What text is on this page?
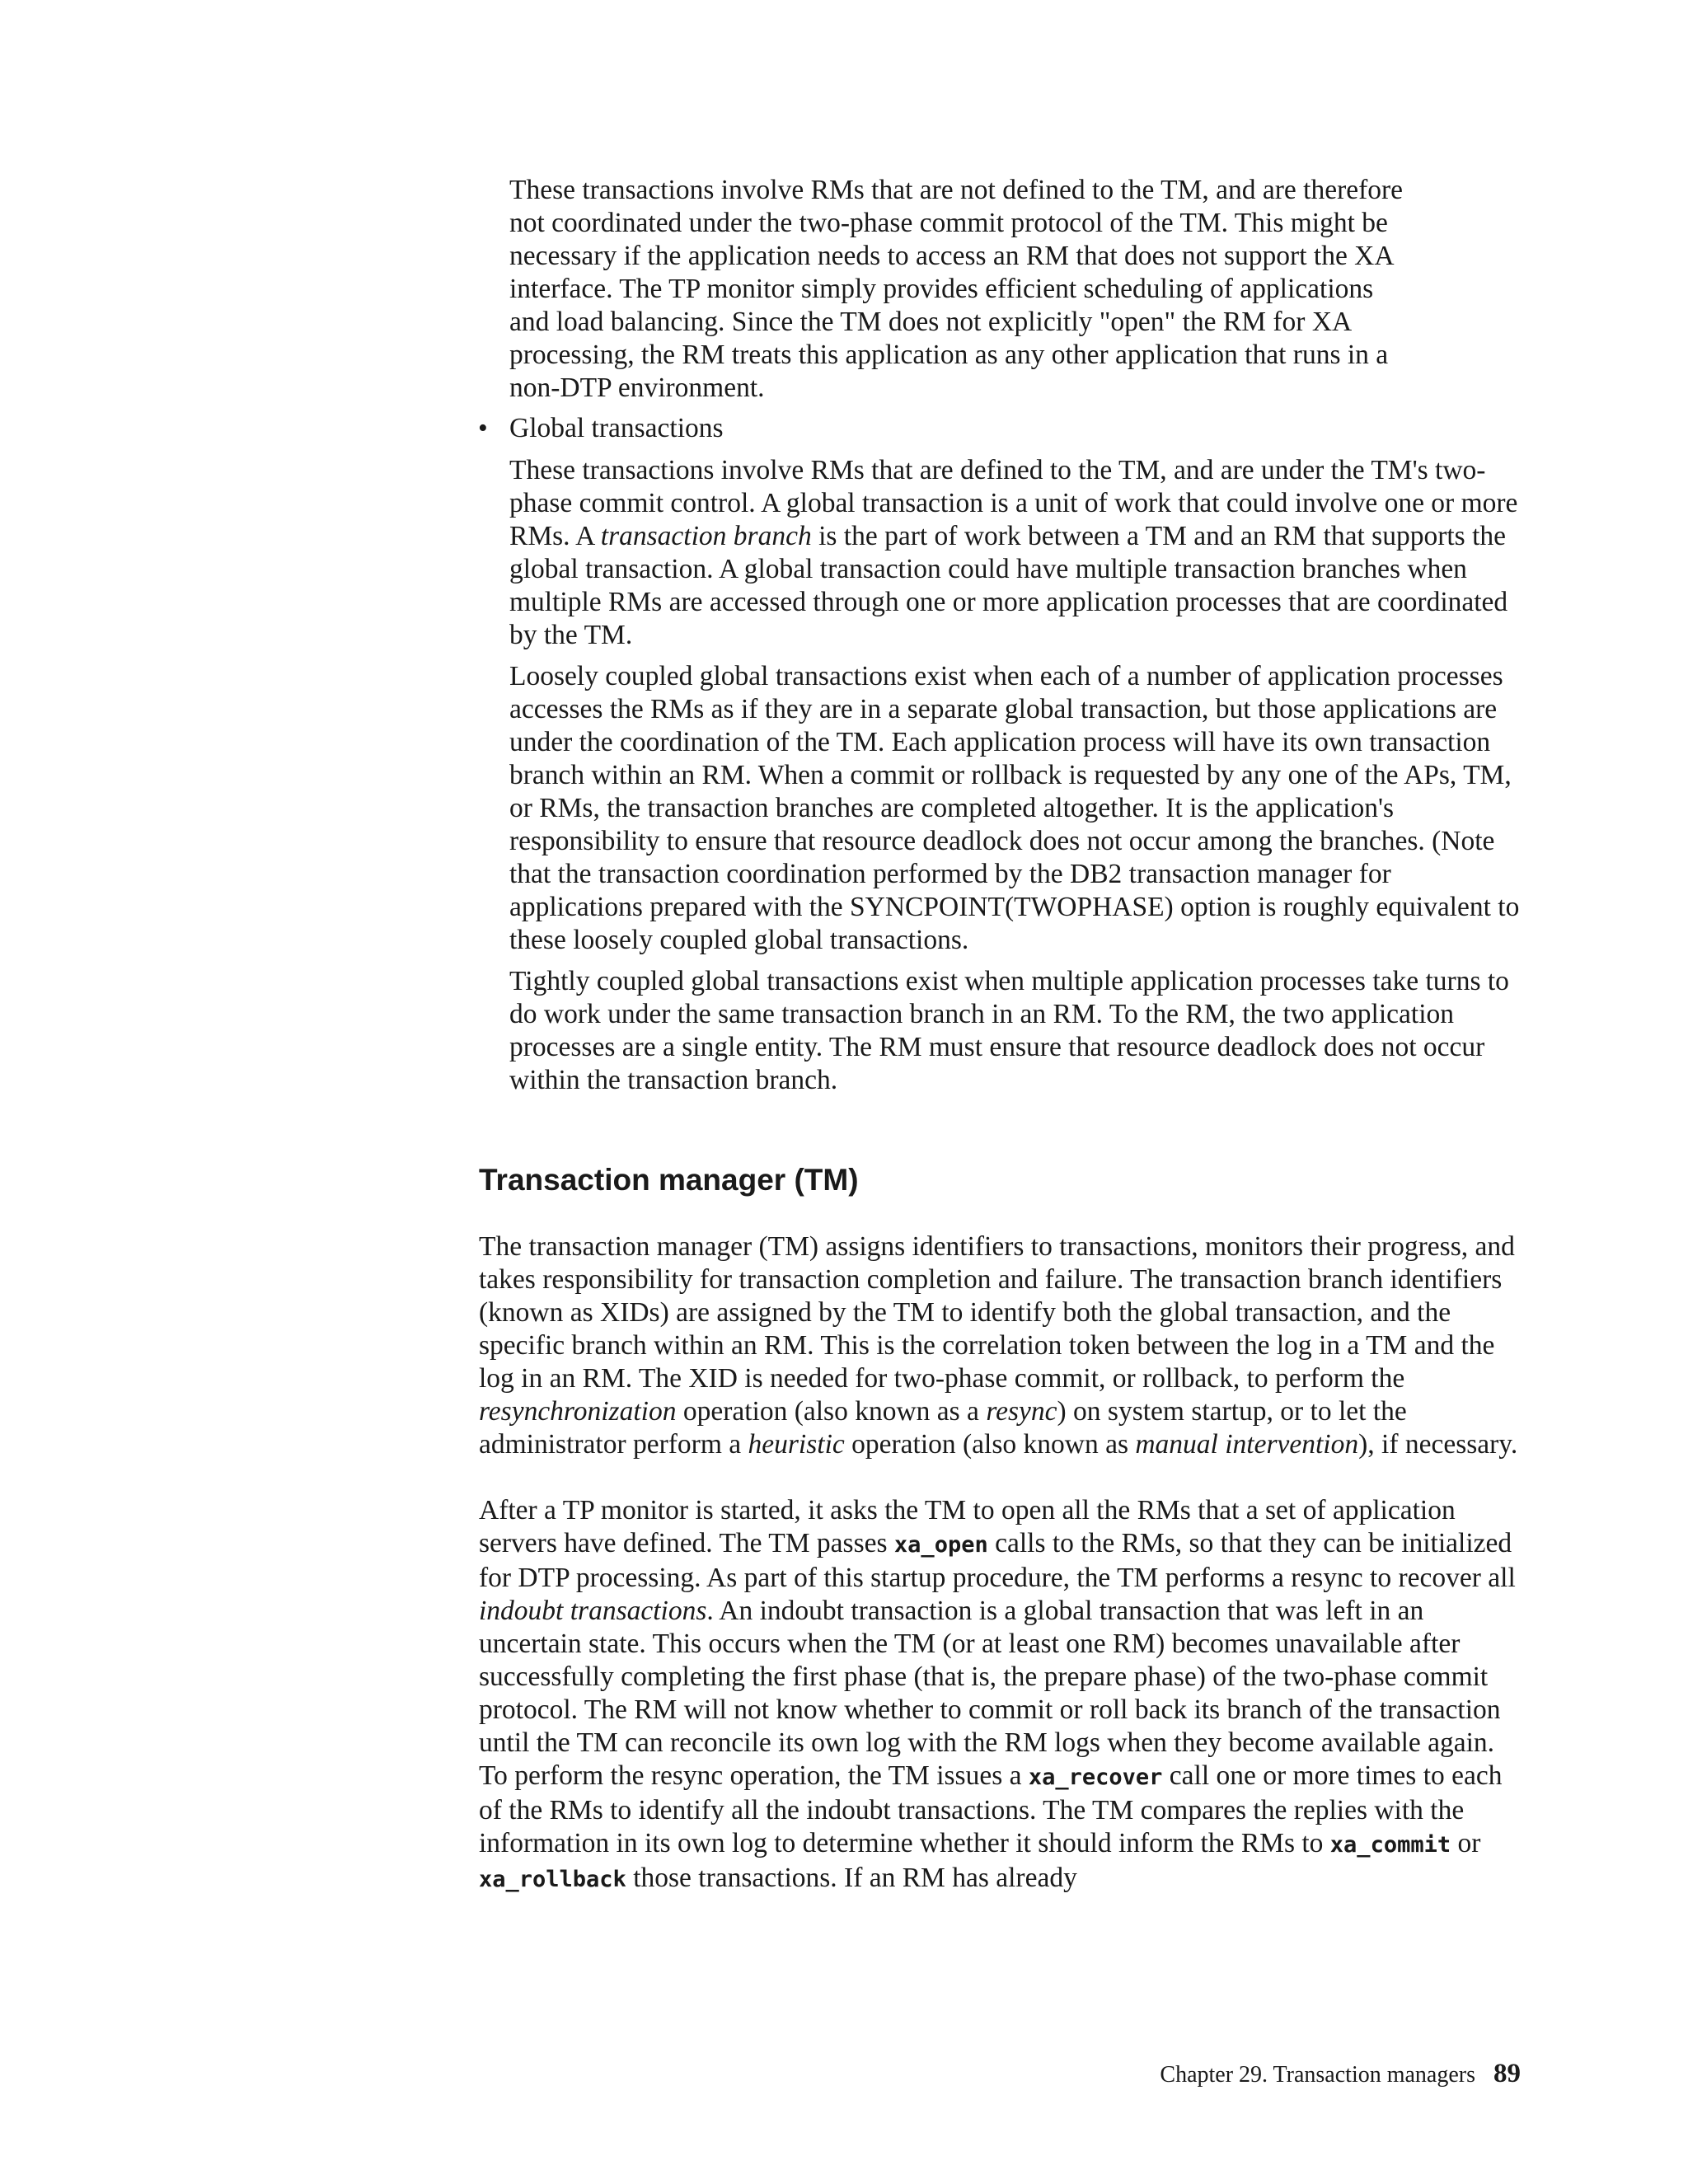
These transactions involve RMs that are not defined to the TM, and are therefore
not coordinated under the two-phase commit protocol of the TM. This might be
necessary if the application needs to access an RM that does not support the XA
interface. The TP monitor simply provides efficient scheduling of applications
and load balancing. Since the TM does not explicitly "open" the RM for XA
processing, the RM treats this application as any other application that runs in a
non-DTP environment.
• Global transactions

These transactions involve RMs that are defined to the TM, and are under the TM's two-phase commit control. A global transaction is a unit of work that could involve one or more RMs. A transaction branch is the part of work between a TM and an RM that supports the global transaction. A global transaction could have multiple transaction branches when multiple RMs are accessed through one or more application processes that are coordinated by the TM.

Loosely coupled global transactions exist when each of a number of application processes accesses the RMs as if they are in a separate global transaction, but those applications are under the coordination of the TM. Each application process will have its own transaction branch within an RM. When a commit or rollback is requested by any one of the APs, TM, or RMs, the transaction branches are completed altogether. It is the application's responsibility to ensure that resource deadlock does not occur among the branches. (Note that the transaction coordination performed by the DB2 transaction manager for applications prepared with the SYNCPOINT(TWOPHASE) option is roughly equivalent to these loosely coupled global transactions.

Tightly coupled global transactions exist when multiple application processes take turns to do work under the same transaction branch in an RM. To the RM, the two application processes are a single entity. The RM must ensure that resource deadlock does not occur within the transaction branch.

Transaction manager (TM)

The transaction manager (TM) assigns identifiers to transactions, monitors their progress, and takes responsibility for transaction completion and failure. The transaction branch identifiers (known as XIDs) are assigned by the TM to identify both the global transaction, and the specific branch within an RM. This is the correlation token between the log in a TM and the log in an RM. The XID is needed for two-phase commit, or rollback, to perform the resynchronization operation (also known as a resync) on system startup, or to let the administrator perform a heuristic operation (also known as manual intervention), if necessary.

After a TP monitor is started, it asks the TM to open all the RMs that a set of application servers have defined. The TM passes xa_open calls to the RMs, so that they can be initialized for DTP processing. As part of this startup procedure, the TM performs a resync to recover all indoubt transactions. An indoubt transaction is a global transaction that was left in an uncertain state. This occurs when the TM (or at least one RM) becomes unavailable after successfully completing the first phase (that is, the prepare phase) of the two-phase commit protocol. The RM will not know whether to commit or roll back its branch of the transaction until the TM can reconcile its own log with the RM logs when they become available again. To perform the resync operation, the TM issues a xa_recover call one or more times to each of the RMs to identify all the indoubt transactions. The TM compares the replies with the information in its own log to determine whether it should inform the RMs to xa_commit or xa_rollback those transactions. If an RM has already

Chapter 29. Transaction managers 89
